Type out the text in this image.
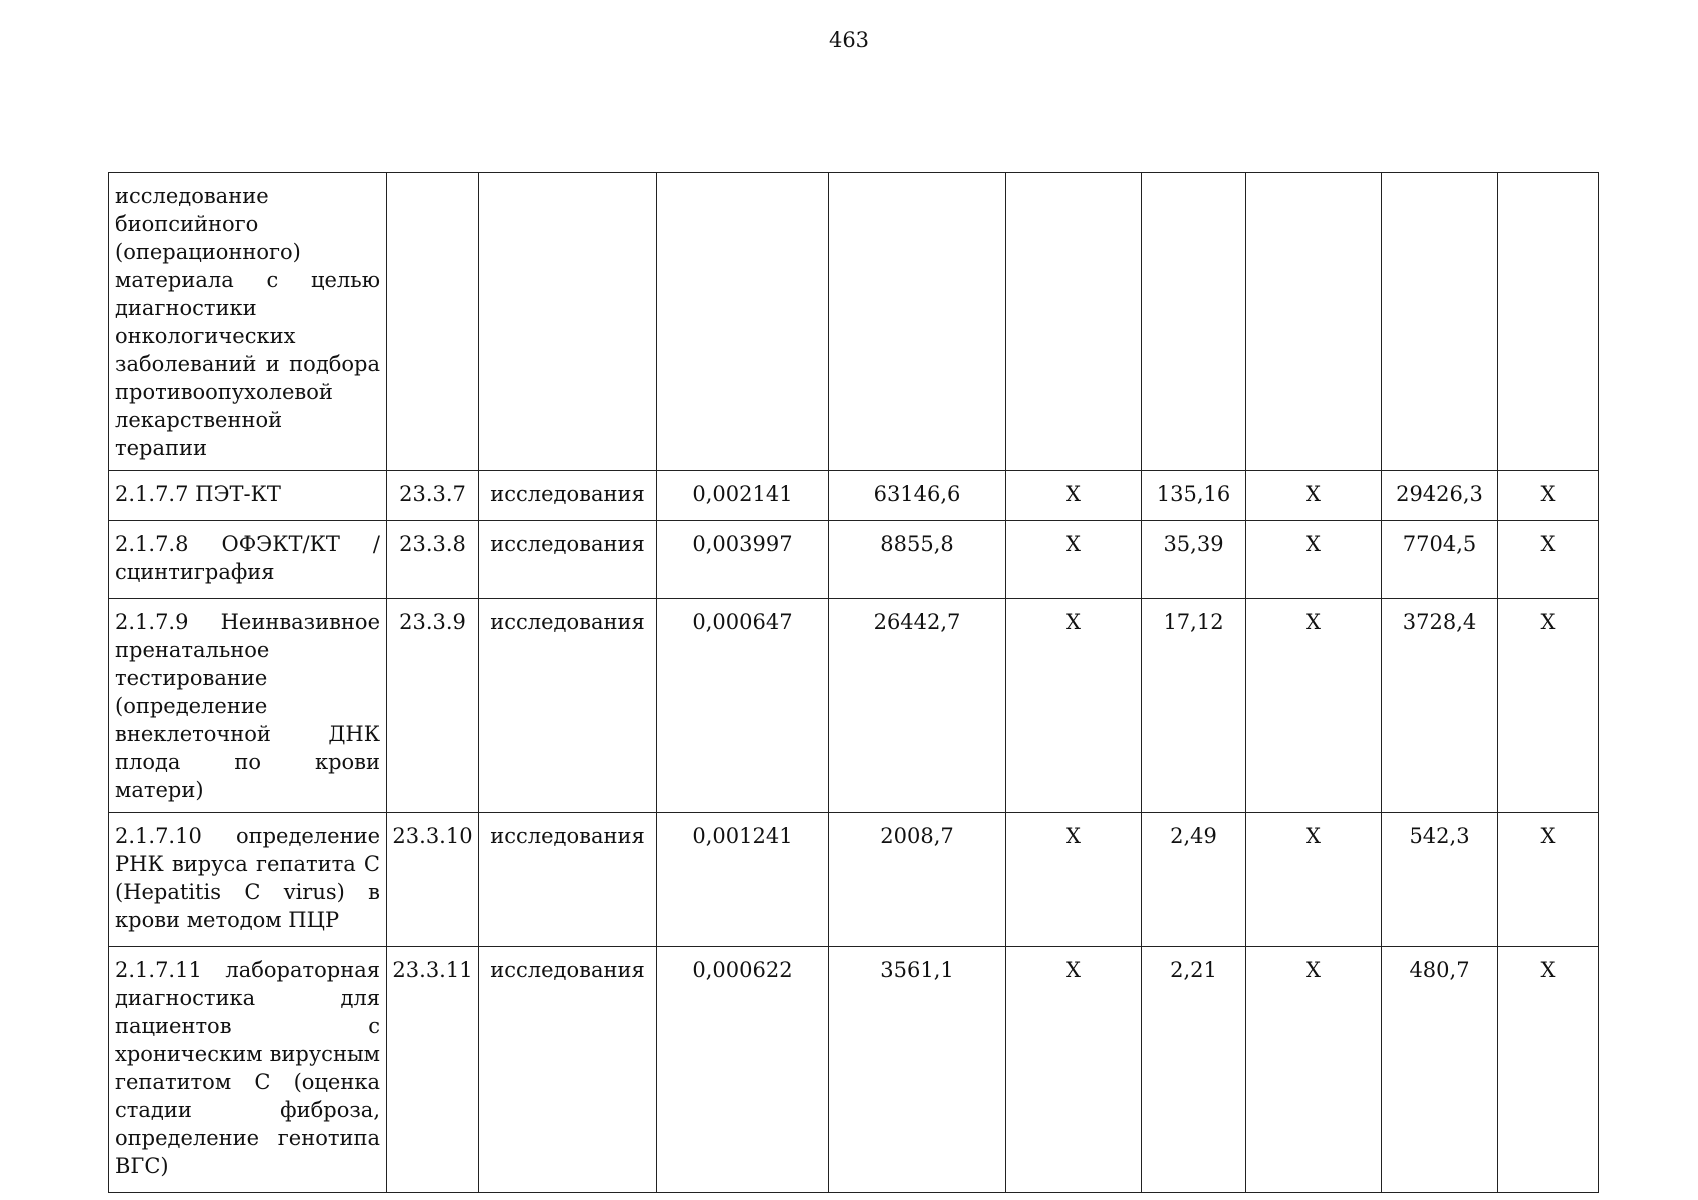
463
исследование биопсийного (операционного) материала с целью диагностики онкологических заболеваний и подбора противоопухолевой лекарственной терапии									
2.1.7.7 ПЭТ-КТ	23.3.7	исследования	0,002141	63146,6	X	135,16	X	29426,3	X
2.1.7.8 ОФЭКТ/КТ /сцинтиграфия	23.3.8	исследования	0,003997	8855,8	X	35,39	X	7704,5	X
2.1.7.9 Неинвазивное пренатальное тестирование (определение внеклеточной ДНК плода по крови матери)	23.3.9	исследования	0,000647	26442,7	X	17,12	X	3728,4	X
2.1.7.10 определение РНК вируса гепатита С (Hepatitis C virus) в крови методом ПЦР	23.3.10	исследования	0,001241	2008,7	X	2,49	X	542,3	X
2.1.7.11 лабораторная диагностика для пациентов с хроническим вирусным гепатитом С (оценка стадии фиброза, определение генотипа ВГС)	23.3.11	исследования	0,000622	3561,1	X	2,21	X	480,7	X
